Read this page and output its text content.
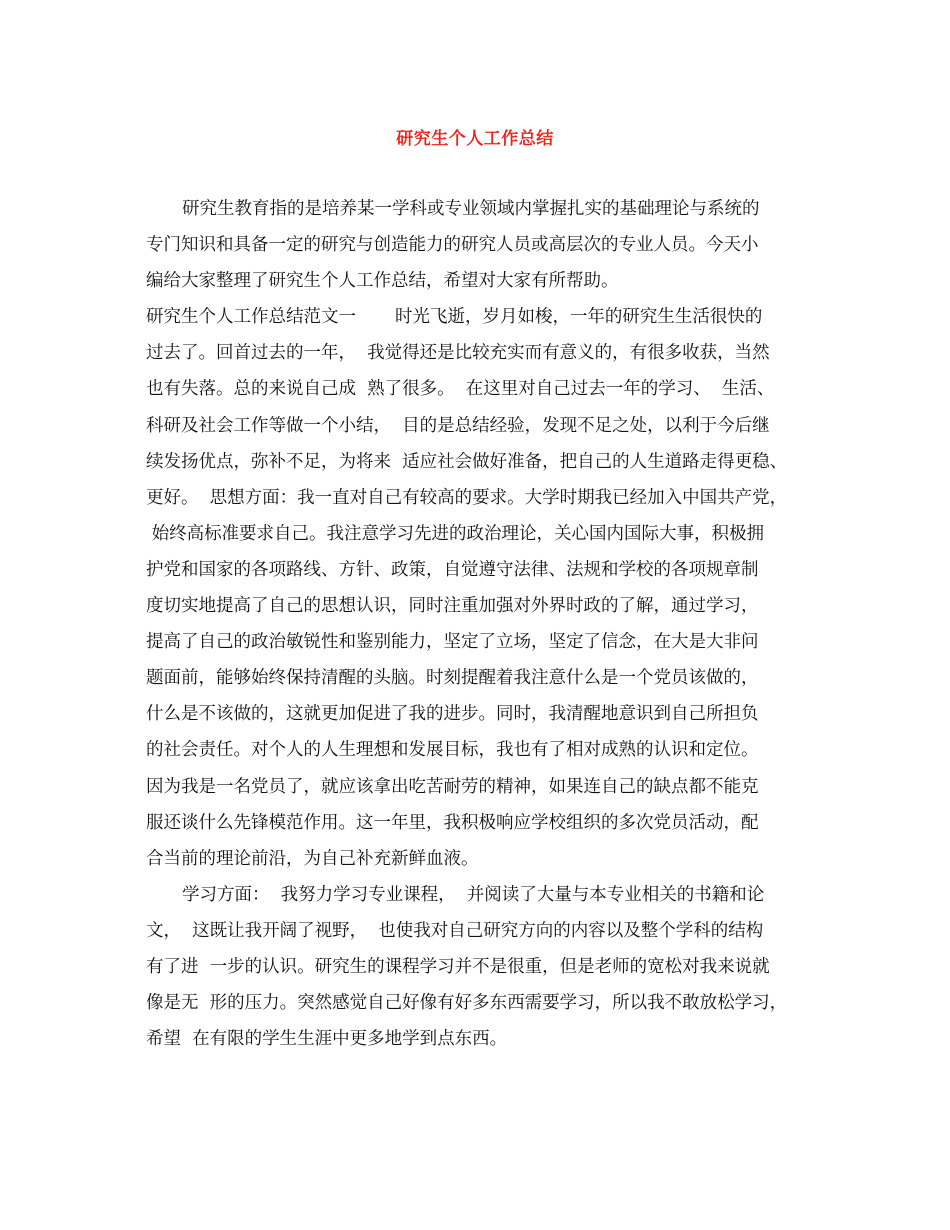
研究生个人工作总结
研究生教育指的是培养某一学科或专业领域内掌握扎实的基础理论与系统的
专门知识和具备一定的研究与创造能力的研究人员或高层次的专业人员。今天小
编给大家整理了研究生个人工作总结，希望对大家有所帮助。
研究生个人工作总结范文一       时光飞逝，岁月如梭，一年的研究生生活很快的
过去了。回首过去的一年，  我觉得还是比较充实而有意义的，有很多收获，当然
也有失落。总的来说自己成  熟了很多。  在这里对自己过去一年的学习、  生活、
科研及社会工作等做一个小结，  目的是总结经验，发现不足之处，以利于今后继
续发扬优点，弥补不足，为将来  适应社会做好准备，把自己的人生道路走得更稳、
更好。  思想方面：我一直对自己有较高的要求。大学时期我已经加入中国共产党，
始终高标准要求自己。我注意学习先进的政治理论，关心国内国际大事，积极拥
护党和国家的各项路线、方针、政策，自觉遵守法律、法规和学校的各项规章制
度切实地提高了自己的思想认识，同时注重加强对外界时政的了解，通过学习，
提高了自己的政治敏锐性和鉴别能力，坚定了立场，坚定了信念，在大是大非问
题面前，能够始终保持清醒的头脑。时刻提醒着我注意什么是一个党员该做的，
什么是不该做的，这就更加促进了我的进步。同时，我清醒地意识到自己所担负
的社会责任。对个人的人生理想和发展目标，我也有了相对成熟的认识和定位。
因为我是一名党员了，就应该拿出吃苦耐劳的精神，如果连自己的缺点都不能克
服还谈什么先锋模范作用。这一年里，我积极响应学校组织的多次党员活动，配
合当前的理论前沿，为自己补充新鲜血液。
学习方面：  我努力学习专业课程，  并阅读了大量与本专业相关的书籍和论
文，  这既让我开阔了视野，  也使我对自己研究方向的内容以及整个学科的结构
有了进  一步的认识。研究生的课程学习并不是很重，但是老师的宽松对我来说就
像是无  形的压力。突然感觉自己好像有好多东西需要学习，所以我不敢放松学习，
希望  在有限的学生生涯中更多地学到点东西。
